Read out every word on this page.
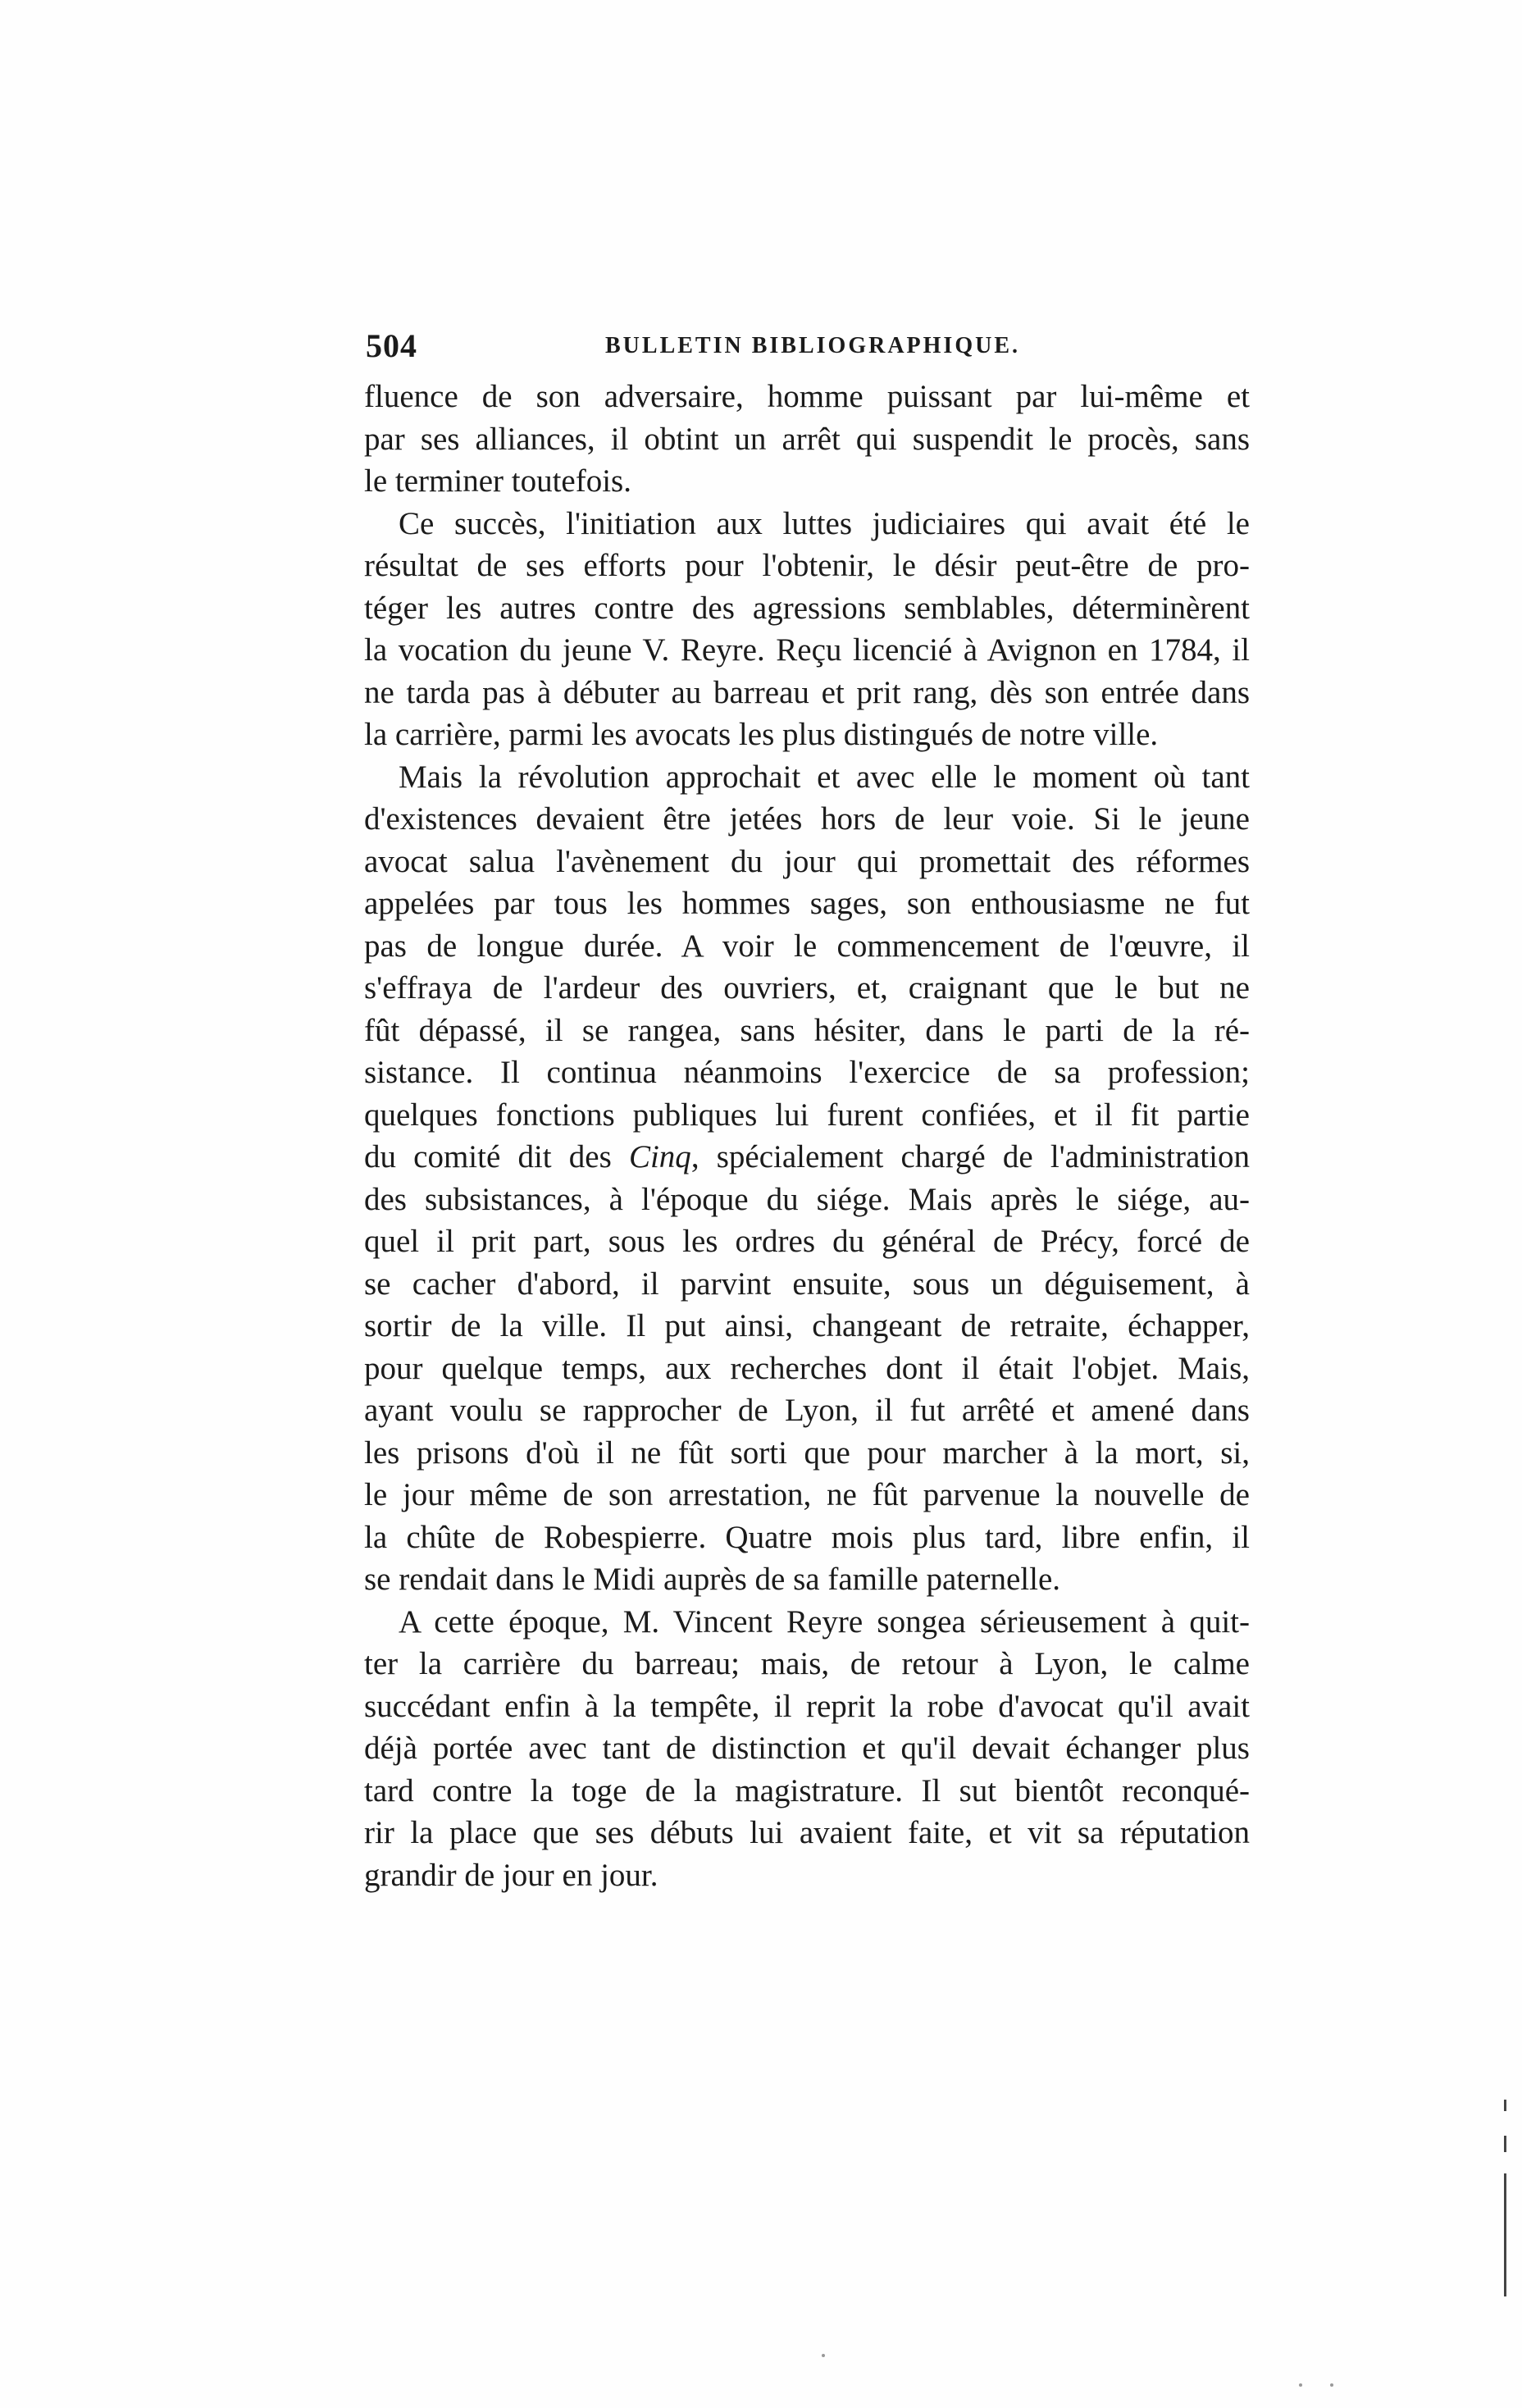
504	BULLETIN BIBLIOGRAPHIQUE.
fluence de son adversaire, homme puissant par lui-même et
par ses alliances, il obtint un arrêt qui suspendit le procès, sans
le terminer toutefois.
Ce succès, l'initiation aux luttes judiciaires qui avait été le
résultat de ses efforts pour l'obtenir, le désir peut-être de pro-
téger les autres contre des agressions semblables, déterminèrent
la vocation du jeune V. Reyre. Reçu licencié à Avignon en 1784, il
ne tarda pas à débuter au barreau et prit rang, dès son entrée dans
la carrière, parmi les avocats les plus distingués de notre ville.
Mais la révolution approchait et avec elle le moment où tant
d'existences devaient être jetées hors de leur voie. Si le jeune
avocat salua l'avènement du jour qui promettait des réformes
appelées par tous les hommes sages, son enthousiasme ne fut
pas de longue durée. A voir le commencement de l'œuvre, il
s'effraya de l'ardeur des ouvriers, et, craignant que le but ne
fût dépassé, il se rangea, sans hésiter, dans le parti de la ré-
sistance. Il continua néanmoins l'exercice de sa profession;
quelques fonctions publiques lui furent confiées, et il fit partie
du comité dit des Cinq, spécialement chargé de l'administration
des subsistances, à l'époque du siége. Mais après le siége, au-
quel il prit part, sous les ordres du général de Précy, forcé de
se cacher d'abord, il parvint ensuite, sous un déguisement, à
sortir de la ville. Il put ainsi, changeant de retraite, échapper,
pour quelque temps, aux recherches dont il était l'objet. Mais,
ayant voulu se rapprocher de Lyon, il fut arrêté et amené dans
les prisons d'où il ne fût sorti que pour marcher à la mort, si,
le jour même de son arrestation, ne fût parvenue la nouvelle de
la chûte de Robespierre. Quatre mois plus tard, libre enfin, il
se rendait dans le Midi auprès de sa famille paternelle.
A cette époque, M. Vincent Reyre songea sérieusement à quit-
ter la carrière du barreau; mais, de retour à Lyon, le calme
succédant enfin à la tempête, il reprit la robe d'avocat qu'il avait
déjà portée avec tant de distinction et qu'il devait échanger plus
tard contre la toge de la magistrature. Il sut bientôt reconqué-
rir la place que ses débuts lui avaient faite, et vit sa réputation
grandir de jour en jour.
